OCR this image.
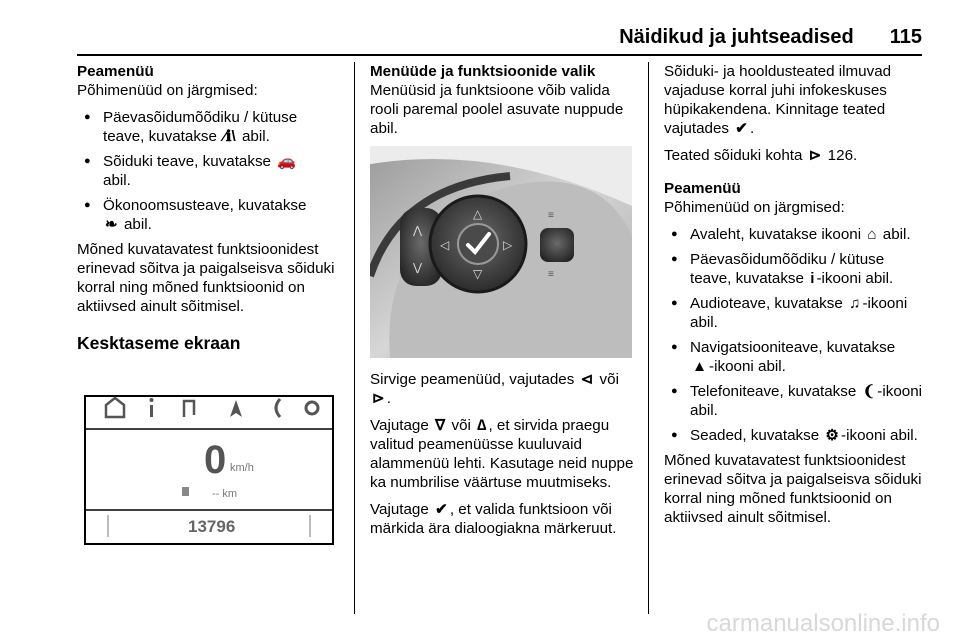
Näidikud ja juhtseadised 115
Peamenüü

Põhimenüüd on järgmised:

● Päevasõidumõõdiku / kütuse teave, kuvatakse ⁄ℹ\ abil.
● Sõiduki teave, kuvatakse 🚗
abil.
● Ökonoomsusteave, kuvatakse
❧ abil.

Mõned kuvatavatest funktsioonidest erinevad sõitva ja paigalseisva sõiduki korral ning mõned funktsioonid on aktiivsed ainult sõitmisel.

Kesktaseme ekraan
0 km/h
-- km
13796
Menüüde ja funktsioonide valik

Menüüsid ja funktsioone võib valida rooli paremal poolel asuvate nuppude abil.

⋀
⋁
△
▽
◁	▷
≡
≡

Sirvige peamenüüd, vajutades ⊲ või ⊳ .

Vajutage ∇ või ∆ , et sirvida praegu valitud peamenüüsse kuuluvaid alammenüü lehti. Kasutage neid nuppe ka numbrilise väärtuse muutmiseks.

Vajutage ✔ , et valida funktsioon või märkida ära dialoogiakna märkeruut.

Sõiduki- ja hooldusteated ilmuvad vajaduse korral juhi infokeskuses hüpikakendena. Kinnitage teated vajutades ✔ .

Teated sõiduki kohta ⊳ 126.

Peamenüü

Põhimenüüd on järgmised:

● Avaleht, kuvatakse ikooni ⌂ abil.
● Päevasõidumõõdiku / kütuse teave, kuvatakse i -ikooni abil.
● Audioteave, kuvatakse ♫ -ikooni abil.
● Navigatsiooniteave, kuvatakse
▲ -ikooni abil.
● Telefoniteave, kuvatakse ❨ -ikooni abil.
● Seaded, kuvatakse ⚙ -ikooni abil.

Mõned kuvatavatest funktsioonidest erinevad sõitva ja paigalseisva sõiduki korral ning mõned funktsioonid on aktiivsed ainult sõitmisel.

carmanualsonline.info
